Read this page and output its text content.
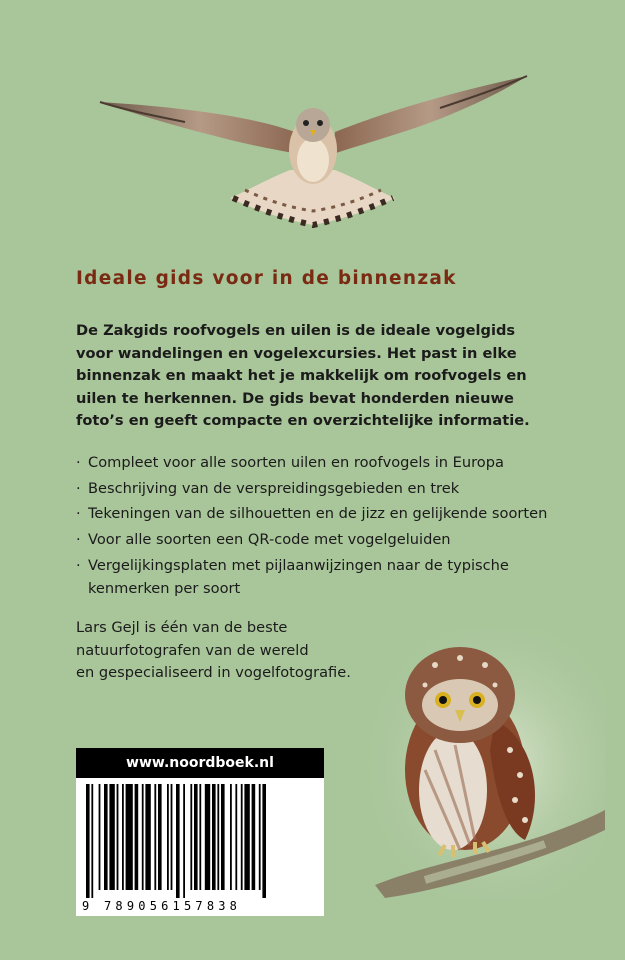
Ideale gids voor in de binnenzak

De Zakgids roofvogels en uilen is de ideale vogelgids voor wandelingen en vogelexcursies. Het past in elke binnenzak en maakt het je makkelijk om roofvogels en uilen te herkennen. De gids bevat honderden nieuwe foto’s en geeft compacte en overzichtelijke informatie.

· Compleet voor alle soorten uilen en roofvogels in Europa
· Beschrijving van de verspreidingsgebieden en trek
· Tekeningen van de silhouetten en de jizz en gelijkende soorten
· Voor alle soorten een QR-code met vogelgeluiden
· Vergelijkingsplaten met pijlaanwijzingen naar de typische kenmerken per soort

Lars Gejl is één van de beste
natuurfotografen van de wereld
en gespecialiseerd in vogelfotografie.

www.noordboek.nl
9 789056157838
